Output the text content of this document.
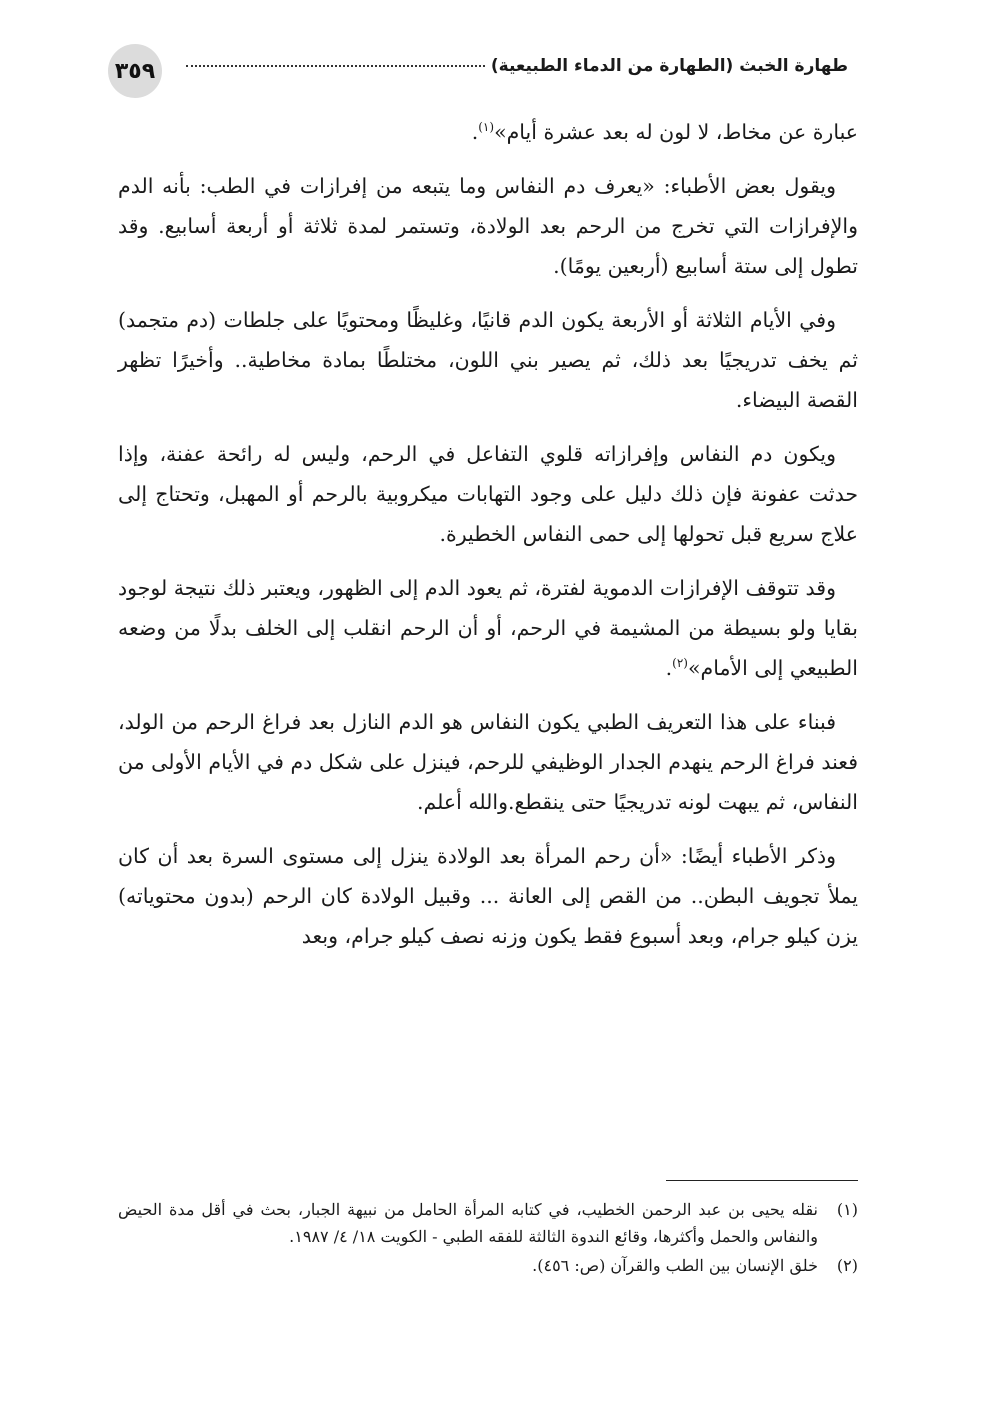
٣٥٩	طهارة الخبث (الطهارة من الدماء الطبيعية)

عبارة عن مخاط، لا لون له بعد عشرة أيام»$^{(١)}$.

ويقول بعض الأطباء: «يعرف دم النفاس وما يتبعه من إفرازات في الطب: بأنه الدم والإفرازات التي تخرج من الرحم بعد الولادة، وتستمر لمدة ثلاثة أو أربعة أسابيع. وقد تطول إلى ستة أسابيع (أربعين يومًا).

وفي الأيام الثلاثة أو الأربعة يكون الدم قانيًا، وغليظًا ومحتويًا على جلطات (دم متجمد) ثم يخف تدريجيًا بعد ذلك، ثم يصير بني اللون، مختلطًا بمادة مخاطية.. وأخيرًا تظهر القصة البيضاء.

ويكون دم النفاس وإفرازاته قلوي التفاعل في الرحم، وليس له رائحة عفنة، وإذا حدثت عفونة فإن ذلك دليل على وجود التهابات ميكروبية بالرحم أو المهبل، وتحتاج إلى علاج سريع قبل تحولها إلى حمى النفاس الخطيرة.

وقد تتوقف الإفرازات الدموية لفترة، ثم يعود الدم إلى الظهور، ويعتبر ذلك نتيجة لوجود بقايا ولو بسيطة من المشيمة في الرحم، أو أن الرحم انقلب إلى الخلف بدلًا من وضعه الطبيعي إلى الأمام»$^{(٢)}$.

فبناء على هذا التعريف الطبي يكون النفاس هو الدم النازل بعد فراغ الرحم من الولد، فعند فراغ الرحم ينهدم الجدار الوظيفي للرحم، فينزل على شكل دم في الأيام الأولى من النفاس، ثم يبهت لونه تدريجيًا حتى ينقطع.والله أعلم.

وذكر الأطباء أيضًا: «أن رحم المرأة بعد الولادة ينزل إلى مستوى السرة بعد أن كان يملأ تجويف البطن.. من القص إلى العانة ... وقبيل الولادة كان الرحم (بدون محتوياته) يزن كيلو جرام، وبعد أسبوع فقط يكون وزنه نصف كيلو جرام، وبعد

(١)
نقله يحيى بن عبد الرحمن الخطيب، في كتابه المرأة الحامل من نبيهة الجبار، بحث في أقل مدة الحيض والنفاس والحمل وأكثرها، وقائع الندوة الثالثة للفقه الطبي - الكويت ١٨/ ٤/ ١٩٨٧.
(٢)
خلق الإنسان بين الطب والقرآن (ص: ٤٥٦).
